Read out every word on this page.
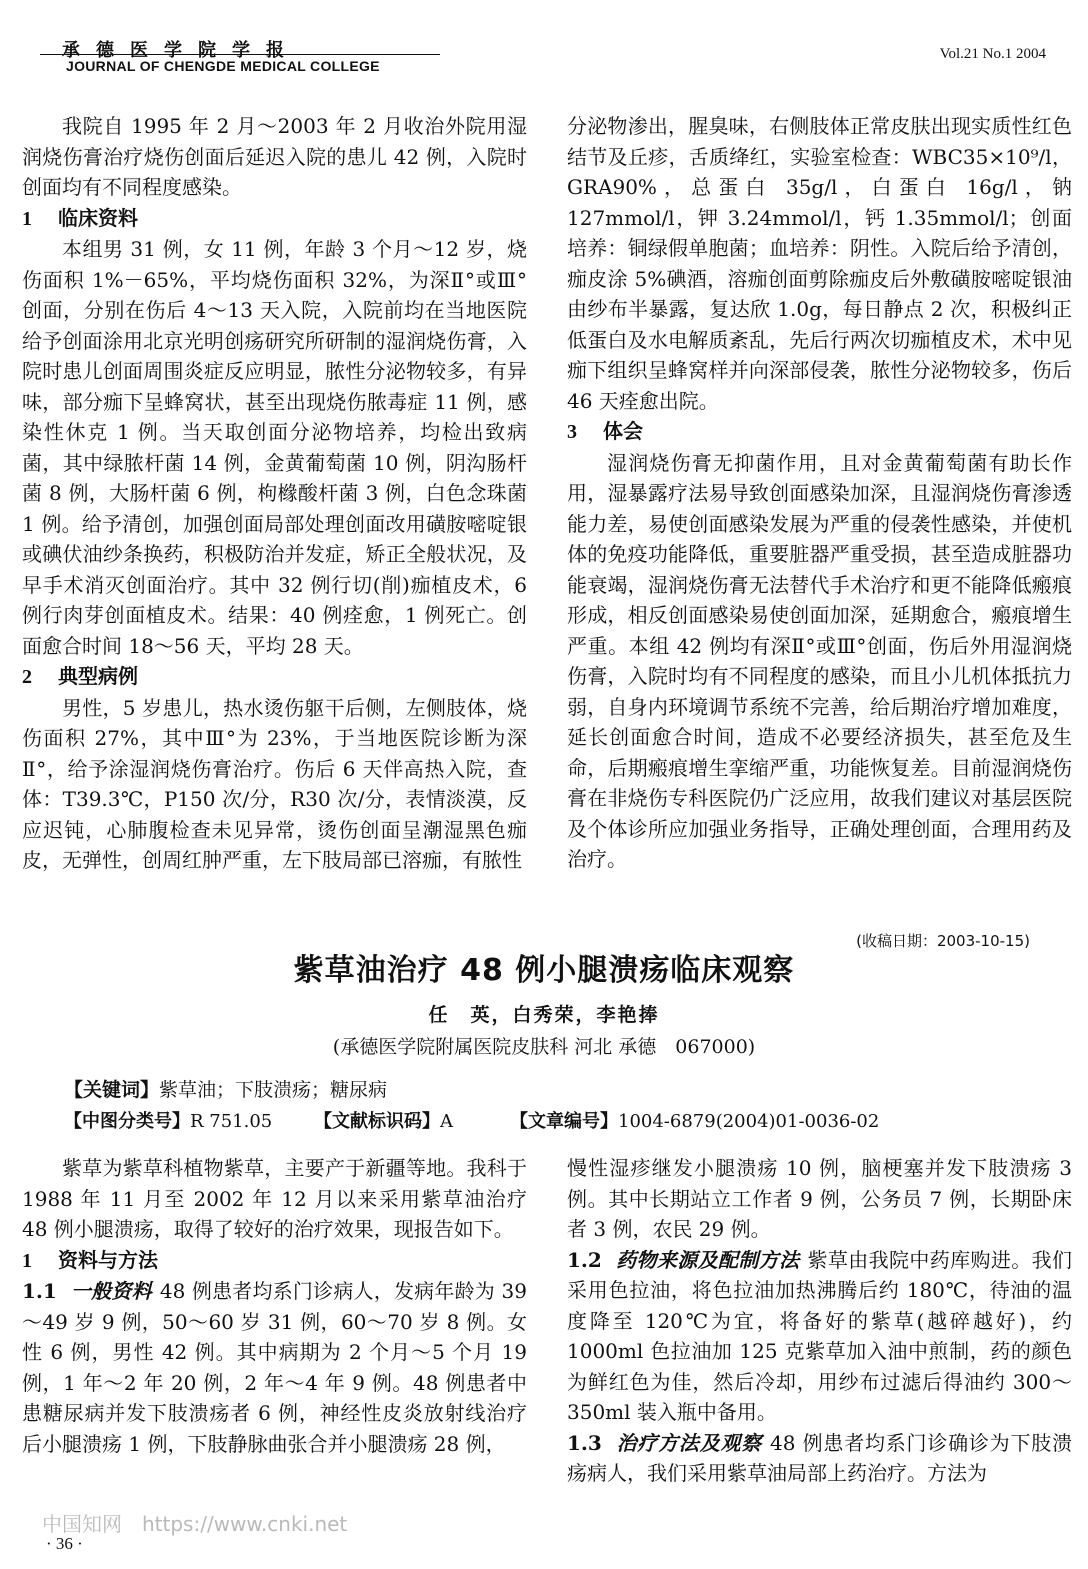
承德医学院学报
JOURNAL OF CHENGDE MEDICAL COLLEGE
Vol.21 No.1 2004

我院自 1995 年 2 月～2003 年 2 月收治外院用湿润烧伤膏治疗烧伤创面后延迟入院的患儿 42 例，入院时创面均有不同程度感染。

1 临床资料

本组男 31 例，女 11 例，年龄 3 个月～12 岁，烧伤面积 1%－65%，平均烧伤面积 32%，为深Ⅱ°或Ⅲ°创面，分别在伤后 4～13 天入院，入院前均在当地医院给予创面涂用北京光明创疡研究所研制的湿润烧伤膏，入院时患儿创面周围炎症反应明显，脓性分泌物较多，有异味，部分痂下呈蜂窝状，甚至出现烧伤脓毒症 11 例，感染性休克 1 例。当天取创面分泌物培养，均检出致病菌，其中绿脓杆菌 14 例，金黄葡萄菌 10 例，阴沟肠杆菌 8 例，大肠杆菌 6 例，枸橼酸杆菌 3 例，白色念珠菌 1 例。给予清创，加强创面局部处理创面改用磺胺嘧啶银或碘伏油纱条换药，积极防治并发症，矫正全般状况，及早手术消灭创面治疗。其中 32 例行切(削)痂植皮术，6 例行肉芽创面植皮术。结果：40 例痊愈，1 例死亡。创面愈合时间 18～56 天，平均 28 天。

2 典型病例

男性，5 岁患儿，热水烫伤躯干后侧，左侧肢体，烧伤面积 27%，其中Ⅲ°为 23%，于当地医院诊断为深Ⅱ°，给予涂湿润烧伤膏治疗。伤后 6 天伴高热入院，查体：T39.3℃，P150 次/分，R30 次/分，表情淡漠，反应迟钝，心肺腹检查未见异常，烫伤创面呈潮湿黑色痂皮，无弹性，创周红肿严重，左下肢局部已溶痂，有脓性

分泌物渗出，腥臭味，右侧肢体正常皮肤出现实质性红色结节及丘疹，舌质绛红，实验室检查：WBC35×10⁹/l，GRA90%，总蛋白 35g/l，白蛋白 16g/l，钠 127mmol/l，钾 3.24mmol/l，钙 1.35mmol/l；创面培养：铜绿假单胞菌；血培养：阴性。入院后给予清创，痂皮涂 5%碘酒，溶痂创面剪除痂皮后外敷磺胺嘧啶银油由纱布半暴露，复达欣 1.0g，每日静点 2 次，积极纠正低蛋白及水电解质紊乱，先后行两次切痂植皮术，术中见痂下组织呈蜂窝样并向深部侵袭，脓性分泌物较多，伤后 46 天痊愈出院。

3 体会

湿润烧伤膏无抑菌作用，且对金黄葡萄菌有助长作用，湿暴露疗法易导致创面感染加深，且湿润烧伤膏渗透能力差，易使创面感染发展为严重的侵袭性感染，并使机体的免疫功能降低，重要脏器严重受损，甚至造成脏器功能衰竭，湿润烧伤膏无法替代手术治疗和更不能降低瘢痕形成，相反创面感染易使创面加深，延期愈合，瘢痕增生严重。本组 42 例均有深Ⅱ°或Ⅲ°创面，伤后外用湿润烧伤膏，入院时均有不同程度的感染，而且小儿机体抵抗力弱，自身内环境调节系统不完善，给后期治疗增加难度，延长创面愈合时间，造成不必要经济损失，甚至危及生命，后期瘢痕增生挛缩严重，功能恢复差。目前湿润烧伤膏在非烧伤专科医院仍广泛应用，故我们建议对基层医院及个体诊所应加强业务指导，正确处理创面，合理用药及治疗。

(收稿日期：2003-10-15)
紫草油治疗 48 例小腿溃疡临床观察
任　英，白秀荣，李艳捧
(承德医学院附属医院皮肤科 河北 承德　067000)
【关键词】紫草油；下肢溃疡；糖尿病
【中图分类号】R 751.05 【文献标识码】A	【文章编号】1004-6879(2004)01-0036-02

紫草为紫草科植物紫草，主要产于新疆等地。我科于 1988 年 11 月至 2002 年 12 月以来采用紫草油治疗 48 例小腿溃疡，取得了较好的治疗效果，现报告如下。

1 资料与方法

1.1 一般资料 48 例患者均系门诊病人，发病年龄为 39～49 岁 9 例，50～60 岁 31 例，60～70 岁 8 例。女性 6 例，男性 42 例。其中病期为 2 个月～5 个月 19 例，1 年～2 年 20 例，2 年～4 年 9 例。48 例患者中患糖尿病并发下肢溃疡者 6 例，神经性皮炎放射线治疗后小腿溃疡 1 例，下肢静脉曲张合并小腿溃疡 28 例，

慢性湿疹继发小腿溃疡 10 例，脑梗塞并发下肢溃疡 3 例。其中长期站立工作者 9 例，公务员 7 例，长期卧床者 3 例，农民 29 例。

1.2 药物来源及配制方法 紫草由我院中药库购进。我们采用色拉油，将色拉油加热沸腾后约 180℃，待油的温度降至 120℃为宜，将备好的紫草(越碎越好)，约 1000ml 色拉油加 125 克紫草加入油中煎制，药的颜色为鲜红色为佳，然后冷却，用纱布过滤后得油约 300～350ml 装入瓶中备用。

1.3 治疗方法及观察 48 例患者均系门诊确诊为下肢溃疡病人，我们采用紫草油局部上药治疗。方法为

中国知网　https://www.cnki.net
· 36 ·
